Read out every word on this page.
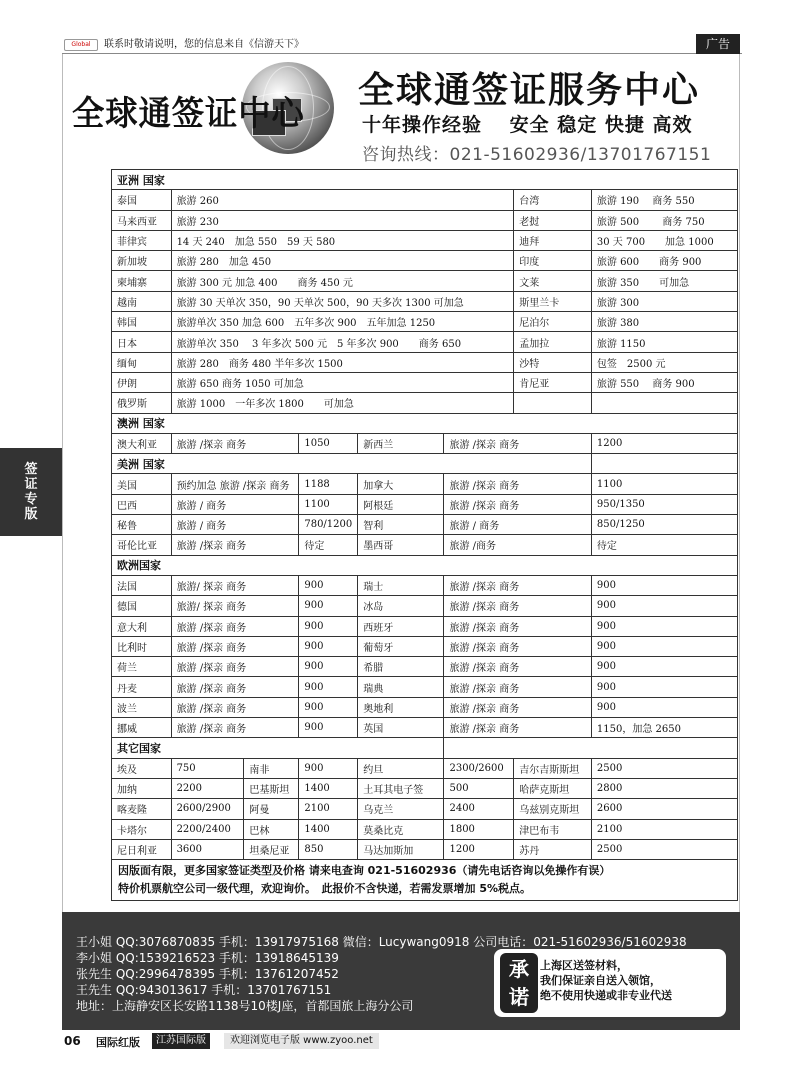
Global	联系时敬请说明，您的信息来自《信游天下》	广告
签证专版
全球通签证中心
全球通签证服务中心
十年操作经验　 安全 稳定 快捷 高效
咨询热线：021-51602936/13701767151
亚洲 国家							
泰国	旅游 260					台湾	旅游 190　 商务 550
马来西亚	旅游 230					老挝	旅游 500　　 商务 750
菲律宾	14 天 240　加急 550　59 天 580					迪拜	30 天 700　　加急 1000
新加坡	旅游 280　加急 450					印度	旅游 600　　商务 900
柬埔寨	旅游 300 元 加急 400　　商务 450 元					文莱	旅游 350　　可加急
越南	旅游 30 天单次 350，90 天单次 500，90 天多次 1300 可加急					斯里兰卡	旅游 300
韩国	旅游单次 350 加急 600　五年多次 900　五年加急 1250					尼泊尔	旅游 380
日本	旅游单次 350　 3 年多次 500 元　5 年多次 900　　商务 650					孟加拉	旅游 1150
缅甸	旅游 280　商务 480 半年多次 1500					沙特	包签　2500 元
伊朗	旅游 650 商务 1050 可加急					肯尼亚	旅游 550　 商务 900
俄罗斯	旅游 1000　一年多次 1800　　可加急						
澳洲 国家							
澳大利亚	旅游 /探亲 商务		1050	新西兰	旅游 /探亲 商务		1200
美洲 国家							
美国	预约加急 旅游 /探亲 商务		1188	加拿大	旅游 /探亲 商务		1100
巴西	旅游 / 商务		1100	阿根廷	旅游 /探亲 商务		950/1350
秘鲁	旅游 / 商务		780/1200	智利	旅游 / 商务		850/1250
哥伦比亚	旅游 /探亲 商务		待定	墨西哥	旅游 /商务		待定
欧洲国家							
法国	旅游/ 探亲 商务		900	瑞士	旅游 /探亲 商务		900
德国	旅游/ 探亲 商务		900	冰岛	旅游 /探亲 商务		900
意大利	旅游 /探亲 商务		900	西班牙	旅游 /探亲 商务		900
比利时	旅游 /探亲 商务		900	葡萄牙	旅游 /探亲 商务		900
荷兰	旅游 /探亲 商务		900	希腊	旅游 /探亲 商务		900
丹麦	旅游 /探亲 商务		900	瑞典	旅游 /探亲 商务		900
波兰	旅游 /探亲 商务		900	奥地利	旅游 /探亲 商务		900
挪威	旅游 /探亲 商务		900	英国	旅游 /探亲 商务		1150，加急 2650
其它国家							
埃及	750	南非	900	约旦	2300/2600	吉尔吉斯斯坦	2500
加纳	2200	巴基斯坦	1400	土耳其电子签	500	哈萨克斯坦	2800
喀麦隆	2600/2900	阿曼	2100	乌克兰	2400	乌兹别克斯坦	2600
卡塔尔	2200/2400	巴林	1400	莫桑比克	1800	津巴布韦	2100
尼日利亚	3600	坦桑尼亚	850	马达加斯加	1200	苏丹	2500

因版面有限，更多国家签证类型及价格 请来电查询 021-51602936（请先电话咨询以免操作有误）
特价机票航空公司一级代理，欢迎询价。　此报价不含快递，若需发票增加 5%税点。							
王小姐 QQ:3076870835 手机：13917975168 微信：Lucywang0918 公司电话：021-51602936/51602938
李小姐 QQ:1539216523 手机：13918645139
张先生 QQ:2996478395 手机：13761207452
王先生 QQ:943013617 手机：13701767151
地址：上海静安区长安路1138号10楼J座，首都国旅上海分公司
承诺
上海区送签材料，
我们保证亲自送入领馆，
绝不使用快递或非专业代送
06 国际红版	江苏国际版	欢迎浏览电子版 www.zyoo.net
